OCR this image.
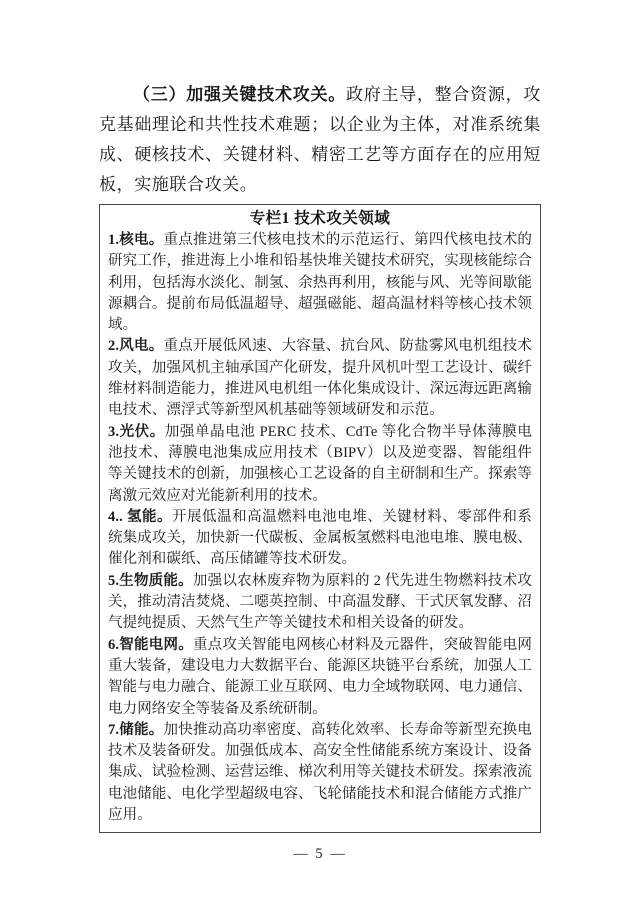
（三）加强关键技术攻关。政府主导，整合资源，攻克基础理论和共性技术难题；以企业为主体，对准系统集成、硬核技术、关键材料、精密工艺等方面存在的应用短板，实施联合攻关。

专栏1 技术攻关领域

1.核电。重点推进第三代核电技术的示范运行、第四代核电技术的研究工作，推进海上小堆和铅基快堆关键技术研究，实现核能综合利用，包括海水淡化、制氢、余热再利用，核能与风、光等间歇能源耦合。提前布局低温超导、超强磁能、超高温材料等核心技术领域。

2.风电。重点开展低风速、大容量、抗台风、防盐雾风电机组技术攻关，加强风机主轴承国产化研发，提升风机叶型工艺设计、碳纤维材料制造能力，推进风电机组一体化集成设计、深远海远距离输电技术、漂浮式等新型风机基础等领域研发和示范。

3.光伏。加强单晶电池 PERC 技术、CdTe 等化合物半导体薄膜电池技术、薄膜电池集成应用技术（BIPV）以及逆变器、智能组件等关键技术的创新，加强核心工艺设备的自主研制和生产。探索等离激元效应对光能新利用的技术。

4.. 氢能。开展低温和高温燃料电池电堆、关键材料、零部件和系统集成攻关，加快新一代碳板、金属板氢燃料电池电堆、膜电极、催化剂和碳纸、高压储罐等技术研发。

5.生物质能。加强以农林废弃物为原料的 2 代先进生物燃料技术攻关，推动清洁焚烧、二噁英控制、中高温发酵、干式厌氧发酵、沼气提纯提质、天然气生产等关键技术和相关设备的研发。

6.智能电网。重点攻关智能电网核心材料及元器件，突破智能电网重大装备，建设电力大数据平台、能源区块链平台系统，加强人工智能与电力融合、能源工业互联网、电力全域物联网、电力通信、电力网络安全等装备及系统研制。

7.储能。加快推动高功率密度、高转化效率、长寿命等新型充换电技术及装备研发。加强低成本、高安全性储能系统方案设计、设备集成、试验检测、运营运维、梯次利用等关键技术研发。探索液流电池储能、电化学型超级电容、飞轮储能技术和混合储能方式推广应用。

— 5 —
